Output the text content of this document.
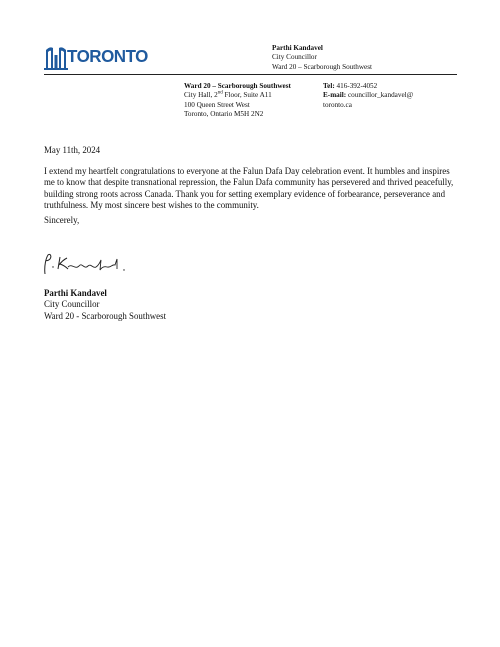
TORONTO	Parthi Kandavel
City Councillor
Ward 20 – Scarborough Southwest
Ward 20 – Scarborough Southwest
City Hall, 2nd Floor, Suite A11
100 Queen Street West
Toronto, Ontario M5H 2N2
Tel: 416-392-4052
E-mail: councillor_kandavel@
toronto.ca
May 11th, 2024
I extend my heartfelt congratulations to everyone at the Falun Dafa Day celebration event. It humbles and inspires me to know that despite transnational repression, the Falun Dafa community has persevered and thrived peacefully, building strong roots across Canada. Thank you for setting exemplary evidence of forbearance, perseverance and truthfulness. My most sincere best wishes to the community.
Sincerely,
Parthi Kandavel
City Councillor
Ward 20 - Scarborough Southwest
